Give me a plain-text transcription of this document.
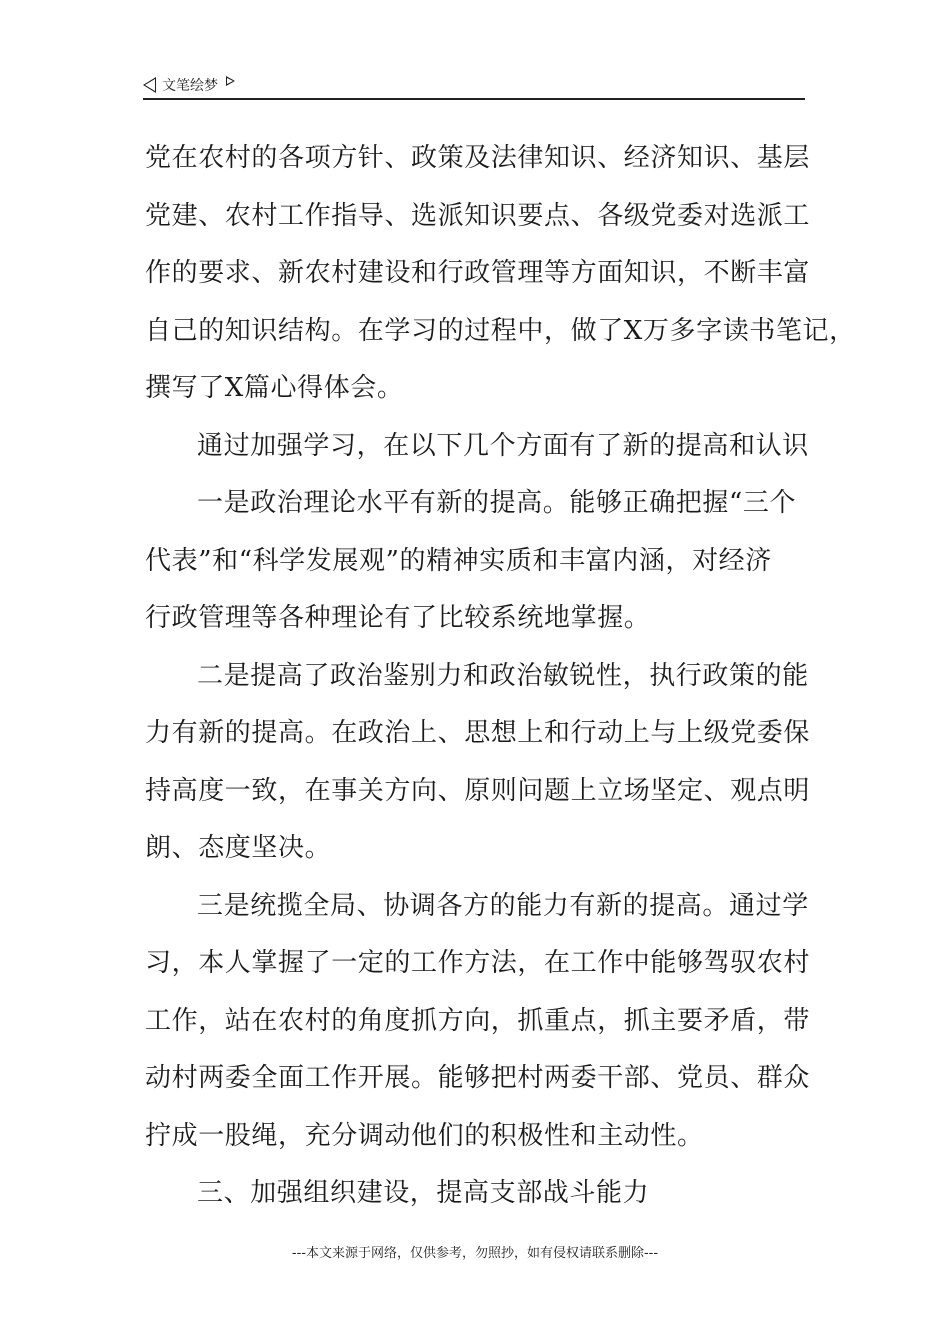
文笔绘梦

党在农村的各项方针、政策及法律知识、经济知识、基层
党建、农村工作指导、选派知识要点、各级党委对选派工
作的要求、新农村建设和行政管理等方面知识，不断丰富
自己的知识结构。在学习的过程中，做了X万多字读书笔记，
撰写了X篇心得体会。

通过加强学习，在以下几个方面有了新的提高和认识

一是政治理论水平有新的提高。能够正确把握“三个
代表”和“科学发展观”的精神实质和丰富内涵，对经济
行政管理等各种理论有了比较系统地掌握。

二是提高了政治鉴别力和政治敏锐性，执行政策的能
力有新的提高。在政治上、思想上和行动上与上级党委保
持高度一致，在事关方向、原则问题上立场坚定、观点明
朗、态度坚决。

三是统揽全局、协调各方的能力有新的提高。通过学
习，本人掌握了一定的工作方法，在工作中能够驾驭农村
工作，站在农村的角度抓方向，抓重点，抓主要矛盾，带
动村两委全面工作开展。能够把村两委干部、党员、群众
拧成一股绳，充分调动他们的积极性和主动性。

三、加强组织建设，提高支部战斗能力

---本文来源于网络，仅供参考，勿照抄，如有侵权请联系删除---
